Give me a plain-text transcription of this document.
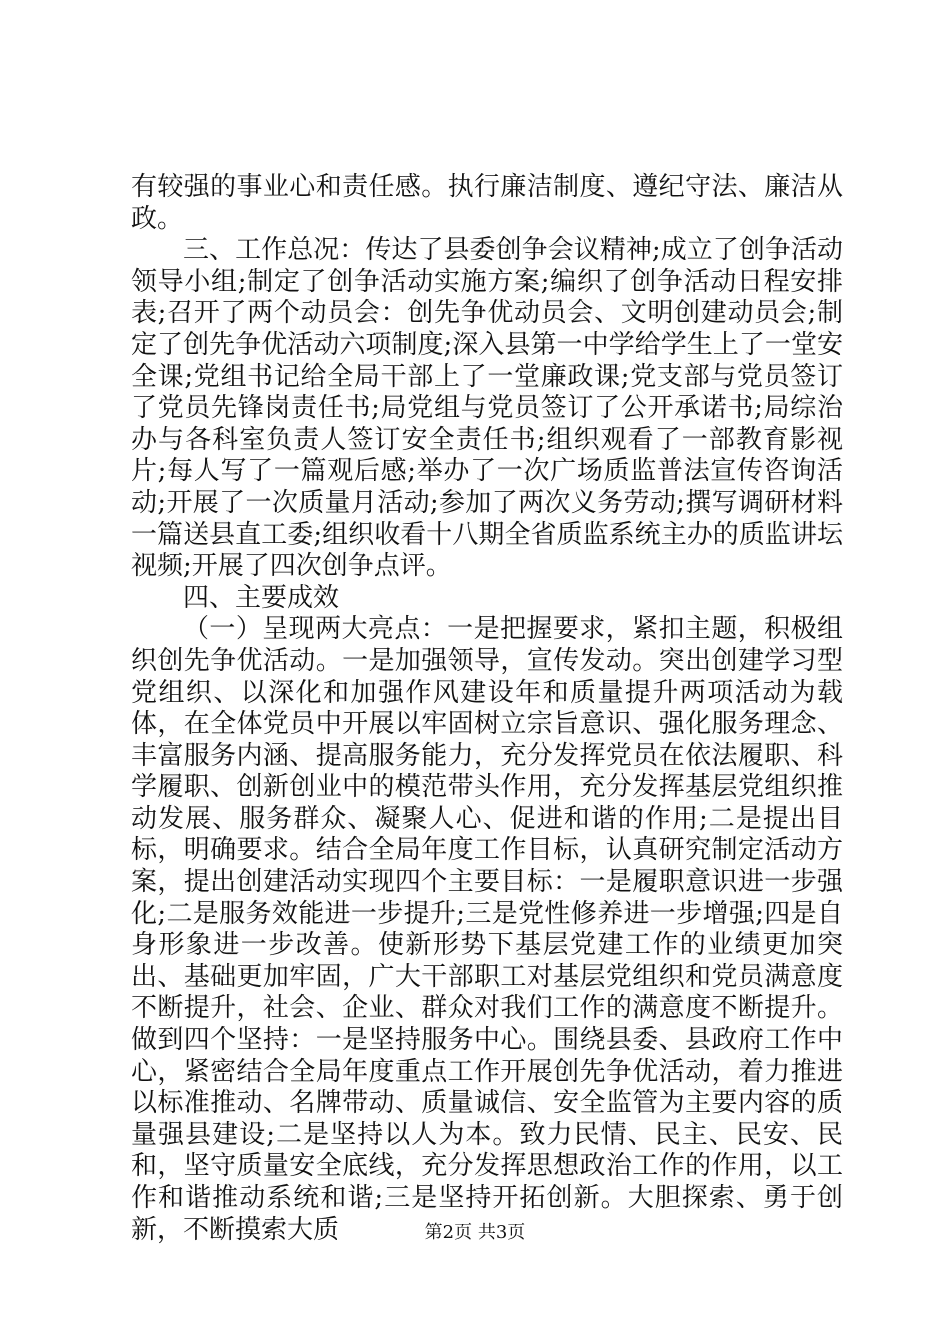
有较强的事业心和责任感。执行廉洁制度、遵纪守法、廉洁从政。

三、工作总况：传达了县委创争会议精神;成立了创争活动领导小组;制定了创争活动实施方案;编织了创争活动日程安排表;召开了两个动员会：创先争优动员会、文明创建动员会;制定了创先争优活动六项制度;深入县第一中学给学生上了一堂安全课;党组书记给全局干部上了一堂廉政课;党支部与党员签订了党员先锋岗责任书;局党组与党员签订了公开承诺书;局综治办与各科室负责人签订安全责任书;组织观看了一部教育影视片;每人写了一篇观后感;举办了一次广场质监普法宣传咨询活动;开展了一次质量月活动;参加了两次义务劳动;撰写调研材料一篇送县直工委;组织收看十八期全省质监系统主办的质监讲坛视频;开展了四次创争点评。

四、主要成效

（一）呈现两大亮点：一是把握要求，紧扣主题，积极组织创先争优活动。一是加强领导，宣传发动。突出创建学习型党组织、以深化和加强作风建设年和质量提升两项活动为载体，在全体党员中开展以牢固树立宗旨意识、强化服务理念、丰富服务内涵、提高服务能力，充分发挥党员在依法履职、科学履职、创新创业中的模范带头作用，充分发挥基层党组织推动发展、服务群众、凝聚人心、促进和谐的作用;二是提出目标，明确要求。结合全局年度工作目标，认真研究制定活动方案，提出创建活动实现四个主要目标：一是履职意识进一步强化;二是服务效能进一步提升;三是党性修养进一步增强;四是自身形象进一步改善。使新形势下基层党建工作的业绩更加突出、基础更加牢固，广大干部职工对基层党组织和党员满意度不断提升，社会、企业、群众对我们工作的满意度不断提升。做到四个坚持：一是坚持服务中心。围绕县委、县政府工作中心，紧密结合全局年度重点工作开展创先争优活动，着力推进以标准推动、名牌带动、质量诚信、安全监管为主要内容的质量强县建设;二是坚持以人为本。致力民情、民主、民安、民和，坚守质量安全底线，充分发挥思想政治工作的作用，以工作和谐推动系统和谐;三是坚持开拓创新。大胆探索、勇于创新，不断摸索大质	第2页 共3页
